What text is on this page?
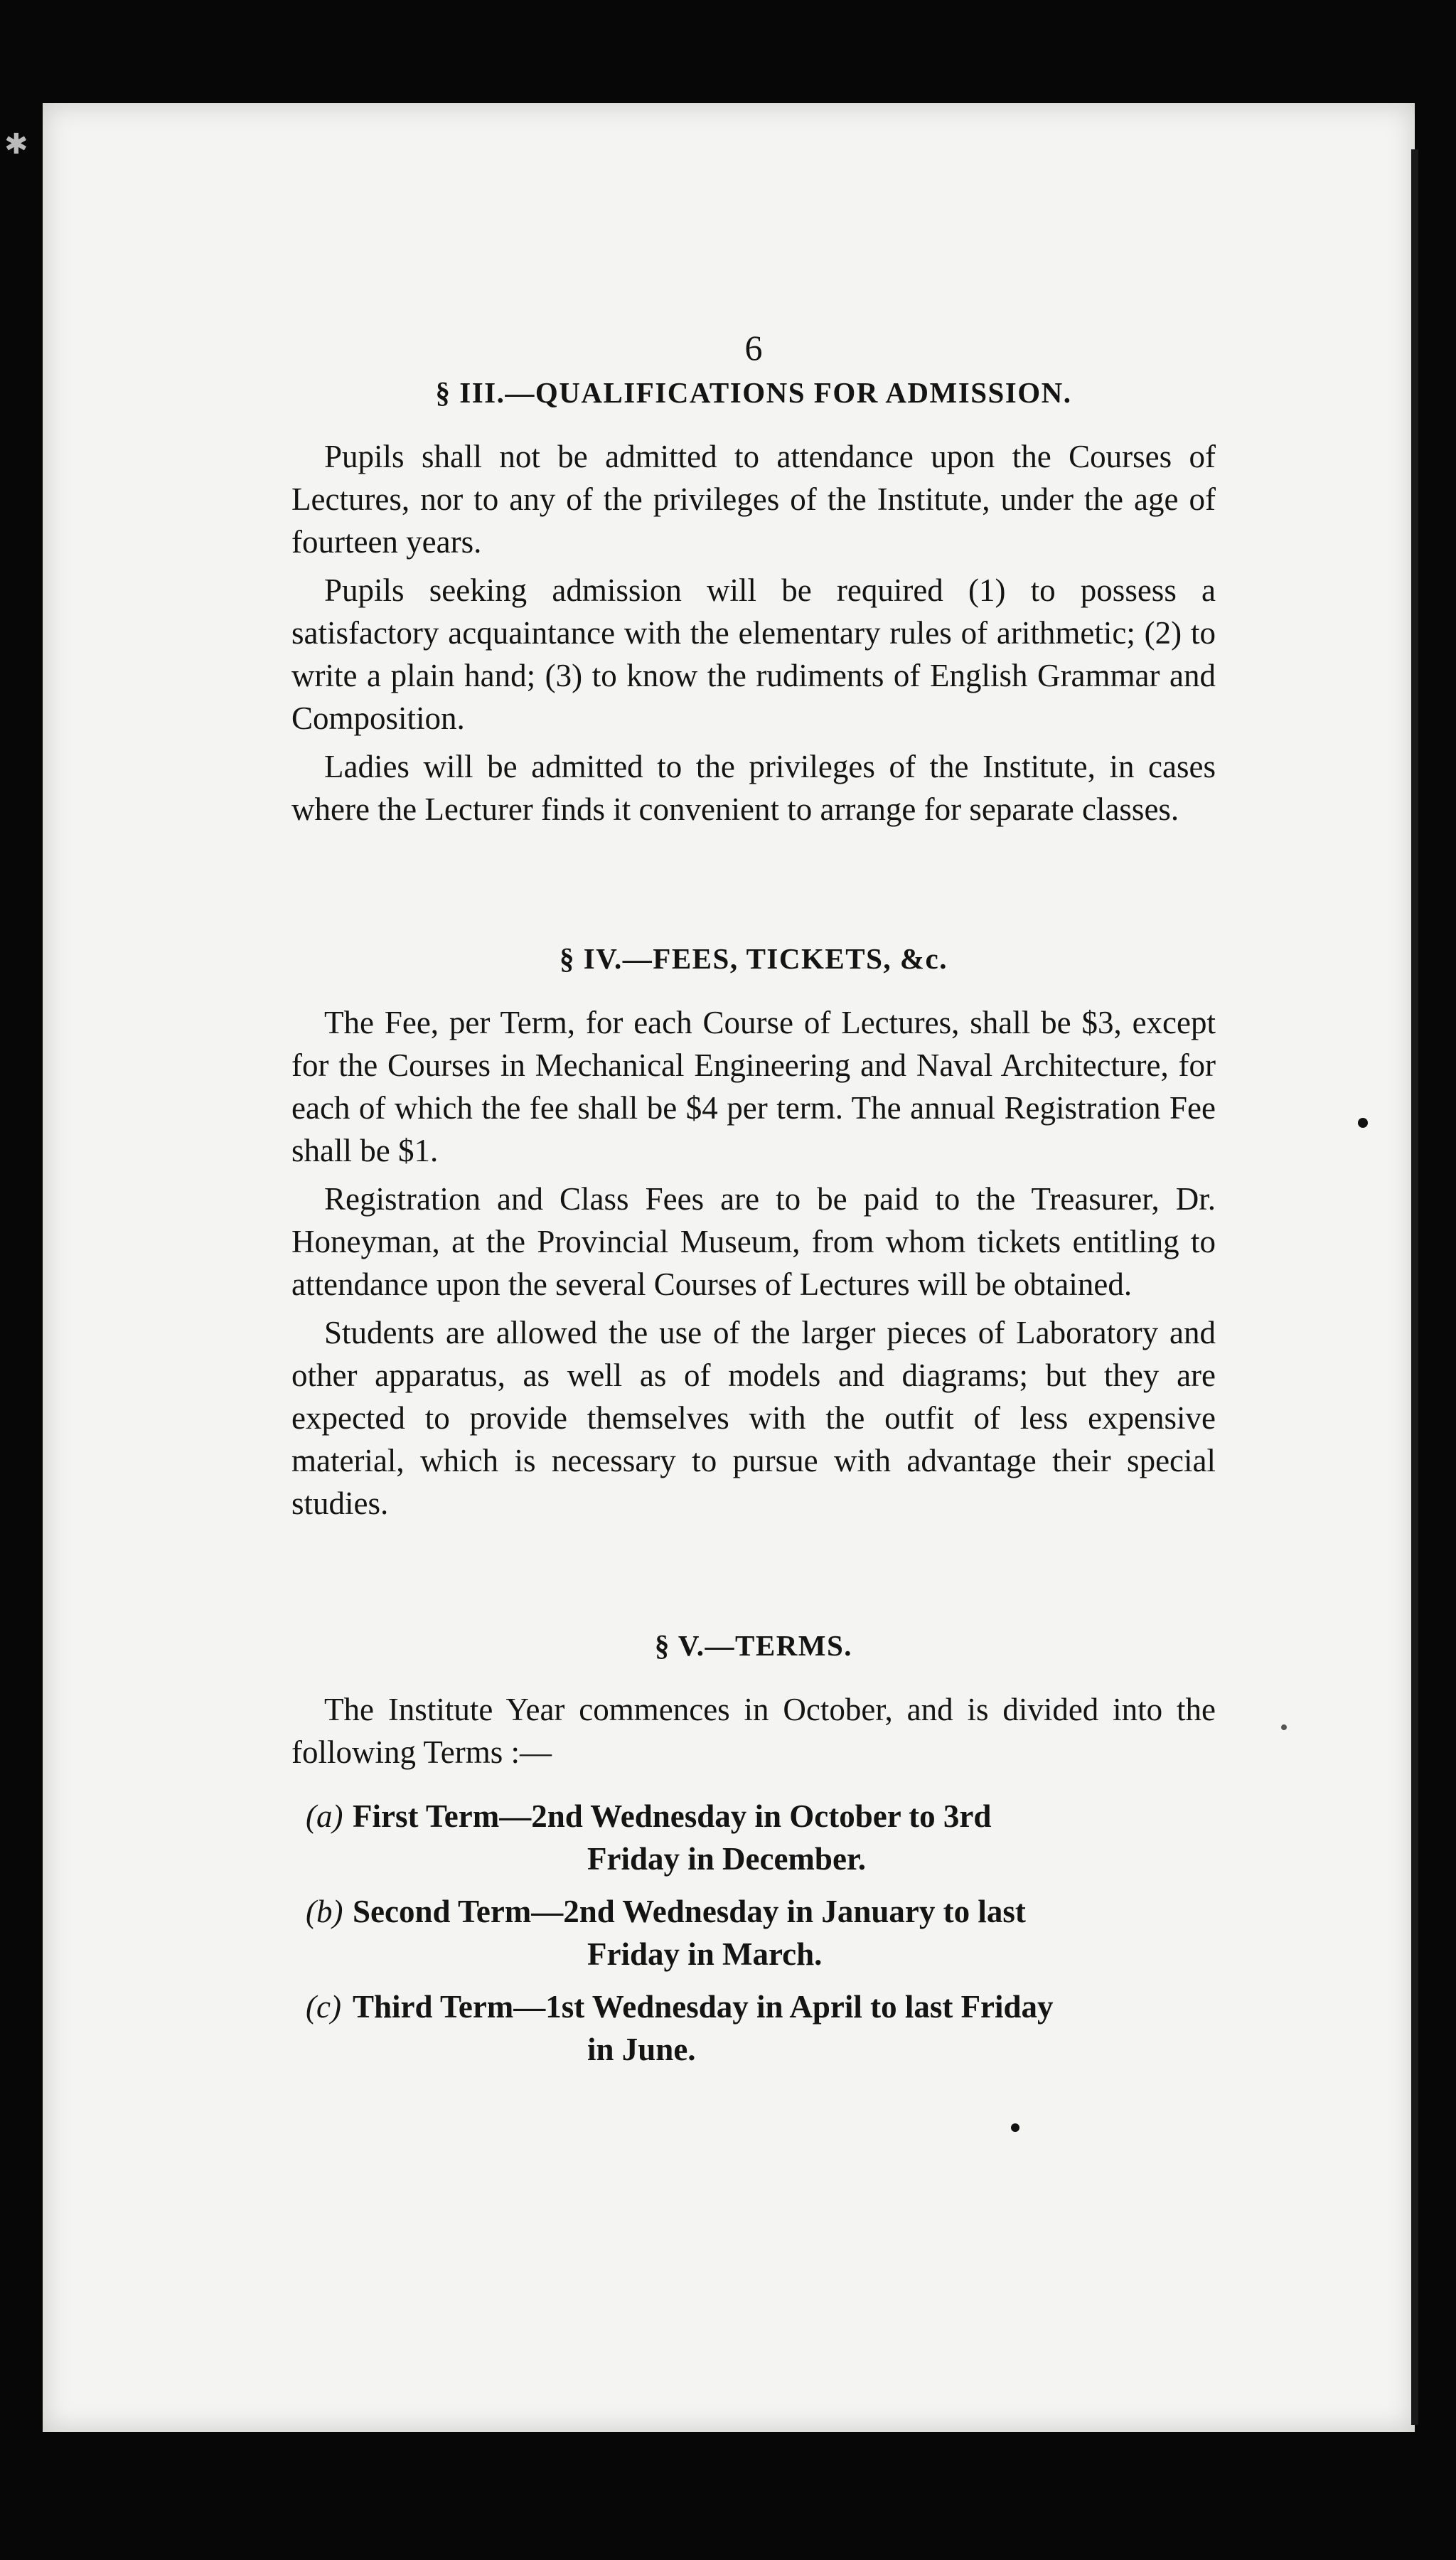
✱
6
§ III.—QUALIFICATIONS FOR ADMISSION.

Pupils shall not be admitted to attendance upon the Courses of Lectures, nor to any of the privileges of the Institute, under the age of fourteen years.

Pupils seeking admission will be required (1) to possess a satisfactory acquaintance with the elementary rules of arithmetic; (2) to write a plain hand; (3) to know the rudiments of English Grammar and Composition.

Ladies will be admitted to the privileges of the Institute, in cases where the Lecturer finds it convenient to arrange for separate classes.

§ IV.—FEES, TICKETS, &c.

The Fee, per Term, for each Course of Lectures, shall be $3, except for the Courses in Mechanical Engineering and Naval Architecture, for each of which the fee shall be $4 per term. The annual Registration Fee shall be $1.

Registration and Class Fees are to be paid to the Treasurer, Dr. Honeyman, at the Provincial Museum, from whom tickets entitling to attendance upon the several Courses of Lectures will be obtained.

Students are allowed the use of the larger pieces of Laboratory and other apparatus, as well as of models and diagrams; but they are expected to provide themselves with the outfit of less expensive material, which is necessary to pursue with advantage their special studies.

§ V.—TERMS.

The Institute Year commences in October, and is divided into the following Terms :—

(a) First Term—2nd Wednesday in October to 3rd
Friday in December.
(b) Second Term—2nd Wednesday in January to last
Friday in March.
(c) Third Term—1st Wednesday in April to last Friday
in June.
